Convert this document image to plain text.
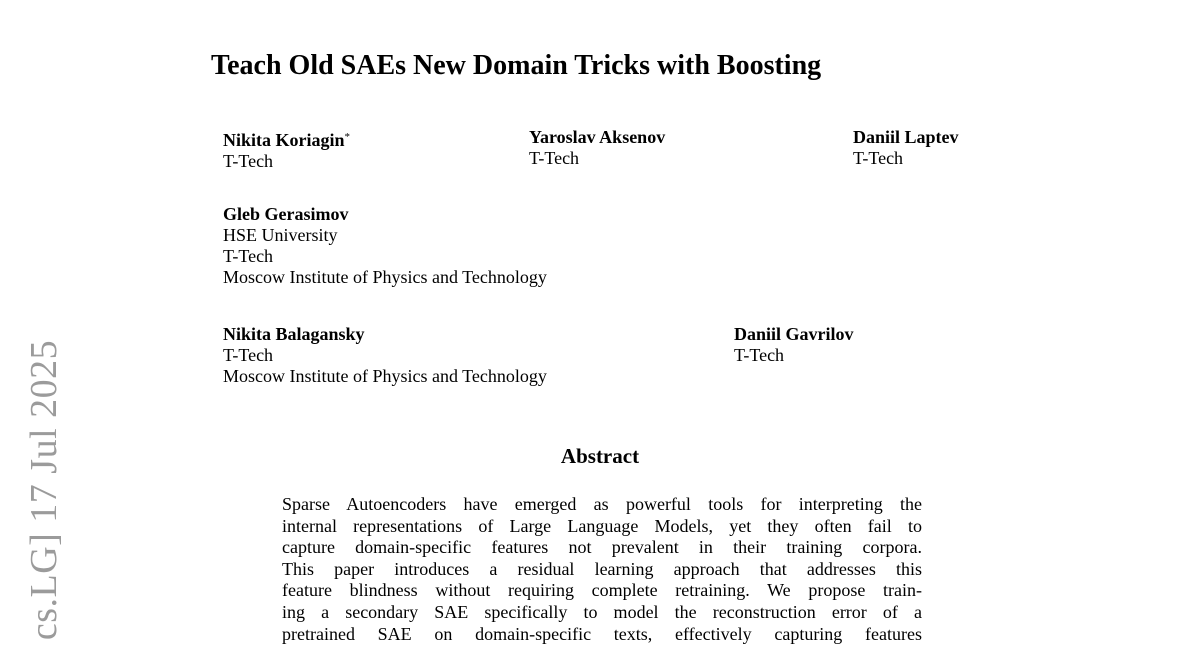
cs.LG] 17 Jul 2025
Teach Old SAEs New Domain Tricks with Boosting
Nikita Koriagin*
T-Tech
Yaroslav Aksenov
T-Tech
Daniil Laptev
T-Tech
Gleb Gerasimov
HSE University
T-Tech
Moscow Institute of Physics and Technology
Nikita Balagansky
T-Tech
Moscow Institute of Physics and Technology
Daniil Gavrilov
T-Tech
Abstract
Sparse Autoencoders have emerged as powerful tools for interpreting the
internal representations of Large Language Models, yet they often fail to
capture domain-specific features not prevalent in their training corpora.
This paper introduces a residual learning approach that addresses this
feature blindness without requiring complete retraining. We propose train-
ing a secondary SAE specifically to model the reconstruction error of a
pretrained SAE on domain-specific texts, effectively capturing features
